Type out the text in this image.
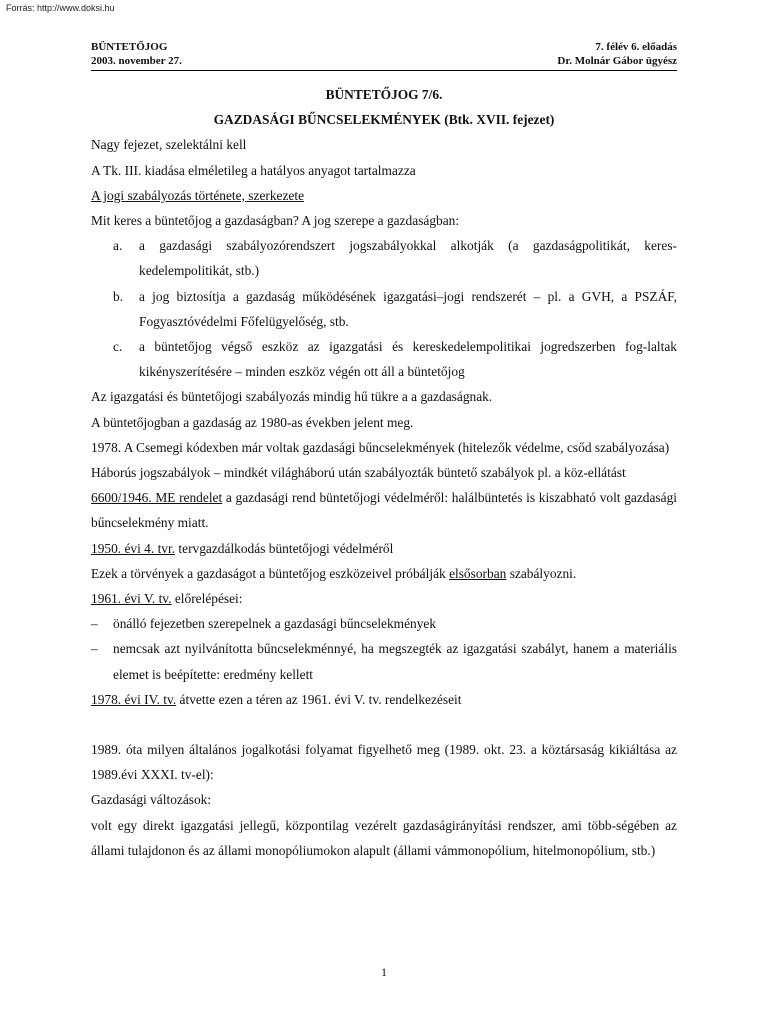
Forrás: http://www.doksi.hu
BÜNTETŐJOG
2003. november 27.
7. félév 6. előadás
Dr. Molnár Gábor ügyész
BÜNTETŐJOG 7/6.
GAZDASÁGI BŰNCSELEKMÉNYEK (Btk. XVII. fejezet)
Nagy fejezet, szelektálni kell
A Tk. III. kiadása elméletileg a hatályos anyagot tartalmazza
A jogi szabályozás története, szerkezete
Mit keres a büntetőjog a gazdaságban? A jog szerepe a gazdaságban:
a. a gazdasági szabályozórendszert jogszabályokkal alkotják (a gazdaságpolitikát, keres-kedelempolitikát, stb.)
b. a jog biztosítja a gazdaság működésének igazgatási–jogi rendszerét – pl. a GVH, a PSZÁF, Fogyasztóvédelmi Főfelügyelőség, stb.
c. a büntetőjog végső eszköz az igazgatási és kereskedelempolitikai jogredszerben fog-laltak kikényszerítésére – minden eszköz végén ott áll a büntetőjog
Az igazgatási és büntetőjogi szabályozás mindig hű tükre a a gazdaságnak.
A büntetőjogban a gazdaság az 1980-as években jelent meg.
1978. A Csemegi kódexben már voltak gazdasági bűncselekmények (hitelezők védelme, csőd szabályozása)
Háborús jogszabályok – mindkét világháború után szabályozták büntető szabályok pl. a köz-ellátást
6600/1946. ME rendelet a gazdasági rend büntetőjogi védelméről: halálbüntetés is kiszabható volt gazdasági bűncselekmény miatt.
1950. évi 4. tvr. tervgazdálkodás büntetőjogi védelméről
Ezek a törvények a gazdaságot a büntetőjog eszközeivel próbálják elsősorban szabályozni.
1961. évi V. tv. előrelépései:
– önálló fejezetben szerepelnek a gazdasági bűncselekmények
– nemcsak azt nyilvánította bűncselekménnyé, ha megszegték az igazgatási szabályt, hanem a materiális elemet is beépítette: eredmény kellett
1978. évi IV. tv. átvette ezen a téren az 1961. évi V. tv. rendelkezéseit
1989. óta milyen általános jogalkotási folyamat figyelhető meg (1989. okt. 23. a köztársaság kikiáltása az 1989.évi XXXI. tv-el):
Gazdasági változások:
volt egy direkt igazgatási jellegű, központilag vezérelt gazdaságirányítási rendszer, ami több-ségében az állami tulajdonon és az állami monopóliumokon alapult (állami vámmonopólium, hitelmonopólium, stb.)
1
